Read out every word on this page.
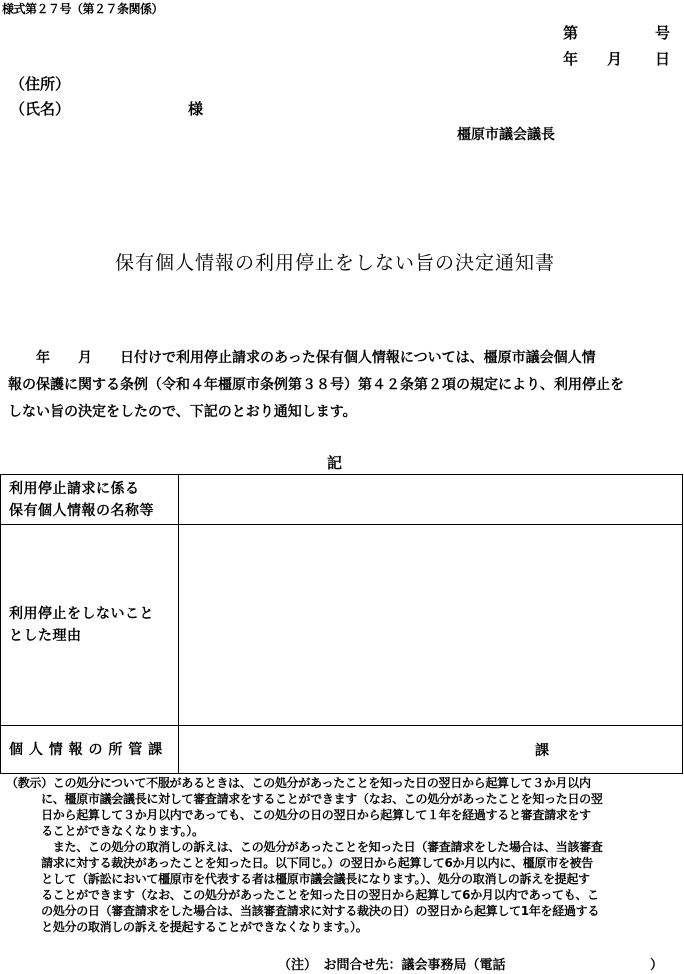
様式第２７号（第２７条関係）
第	号
年 月 日
（住所）
（氏名）	様
橿原市議会議長
保有個人情報の利用停止をしない旨の決定通知書
　　年　　月　　日付けで利用停止請求のあった保有個人情報については、橿原市議会個人情
報の保護に関する条例（令和４年橿原市条例第３８号）第４２条第２項の規定により、利用停止を
しない旨の決定をしたので、下記のとおり通知します。
記
利用停止請求に係る
保有個人情報の名称等	

利用停止をしないこと
とした理由	

個 人 情 報 の 所 管 課	課
（教示）この処分について不服があるときは、この処分があったことを知った日の翌日から起算して３か月以内
　　　に、橿原市議会議長に対して審査請求をすることができます（なお、この処分があったことを知った日の翌
　　　日から起算して３か月以内であっても、この処分の日の翌日から起算して１年を経過すると審査請求をす
　　　ることができなくなります。）。
　　　　また、この処分の取消しの訴えは、この処分があったことを知った日（審査請求をした場合は、当該審査
　　　請求に対する裁決があったことを知った日。以下同じ。）の翌日から起算して6か月以内に、橿原市を被告
　　　として（訴訟において橿原市を代表する者は橿原市議会議長になります。）、処分の取消しの訴えを提起す
　　　ることができます（なお、この処分があったことを知った日の翌日から起算して6か月以内であっても、こ
　　　の処分の日（審査請求をした場合は、当該審査請求に対する裁決の日）の翌日から起算して1年を経過する
　　　と処分の取消しの訴えを提起することができなくなります。）。
（注）　お問合せ先：議会事務局（電話	）
